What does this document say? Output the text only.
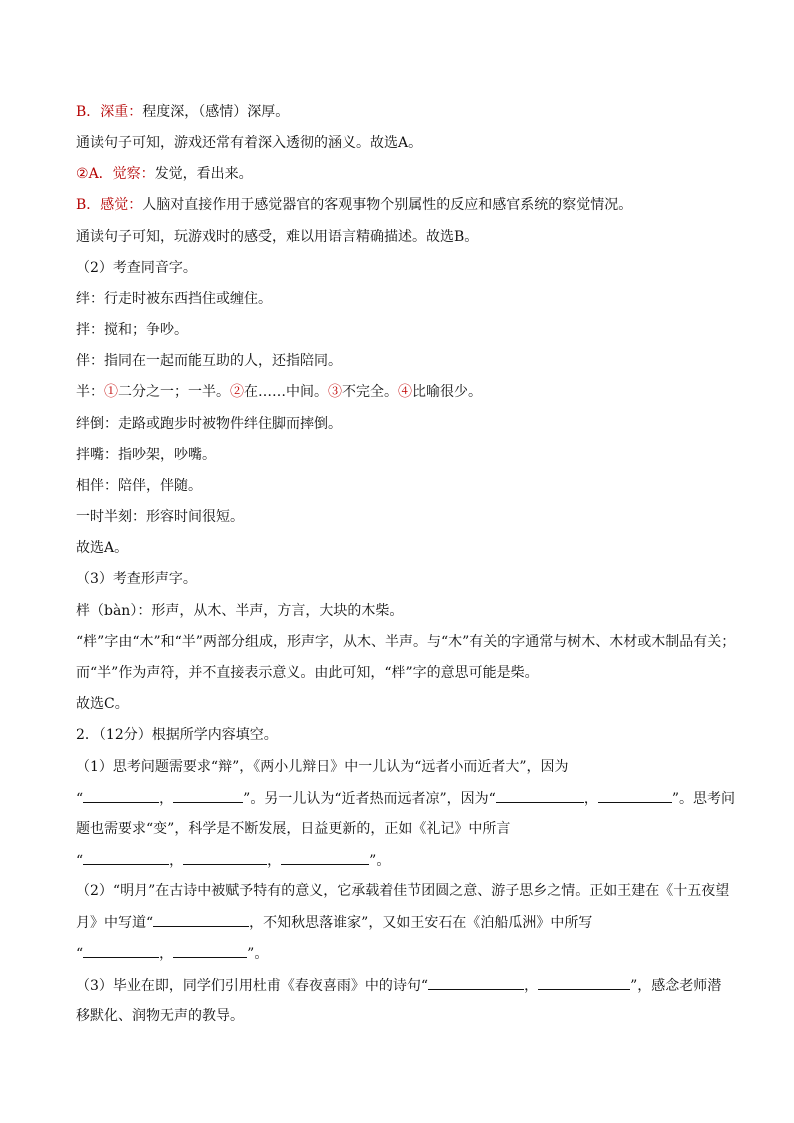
B．深重：程度深，（感情）深厚。
通读句子可知，游戏还常有着深入透彻的涵义。故选A。
②A．觉察：发觉，看出来。
B．感觉：人脑对直接作用于感觉器官的客观事物个别属性的反应和感官系统的察觉情况。
通读句子可知，玩游戏时的感受，难以用语言精确描述。故选B。
（2）考查同音字。
绊：行走时被东西挡住或缠住。
拌：搅和；争吵。
伴：指同在一起而能互助的人，还指陪同。
半：①二分之一；一半。②在……中间。③不完全。④比喻很少。
绊倒：走路或跑步时被物件绊住脚而摔倒。
拌嘴：指吵架，吵嘴。
相伴：陪伴，伴随。
一时半刻：形容时间很短。
故选A。
（3）考查形声字。
柈（bàn）：形声，从木、半声，方言，大块的木柴。
“柈”字由“木”和“半”两部分组成，形声字，从木、半声。与“木”有关的字通常与树木、木材或木制品有关；
而“半”作为声符，并不直接表示意义。由此可知，“柈”字的意思可能是柴。
故选C。
2．（12分）根据所学内容填空。
（1）思考问题需要求“辩”，《两小儿辩日》中一儿认为“远者小而近者大”，因为
“	，	”。另一儿认为“近者热而远者凉”，因为“	，	”。思考问
题也需要求“变”，科学是不断发展，日益更新的，正如《礼记》中所言
“	，	，	”。
（2）“明月”在古诗中被赋予特有的意义，它承载着佳节团圆之意、游子思乡之情。正如王建在《十五夜望
月》中写道“	，不知秋思落谁家”，又如王安石在《泊船瓜洲》中所写
“	，	”。
（3）毕业在即，同学们引用杜甫《春夜喜雨》中的诗句“	，	”，感念老师潜
移默化、润物无声的教导。
